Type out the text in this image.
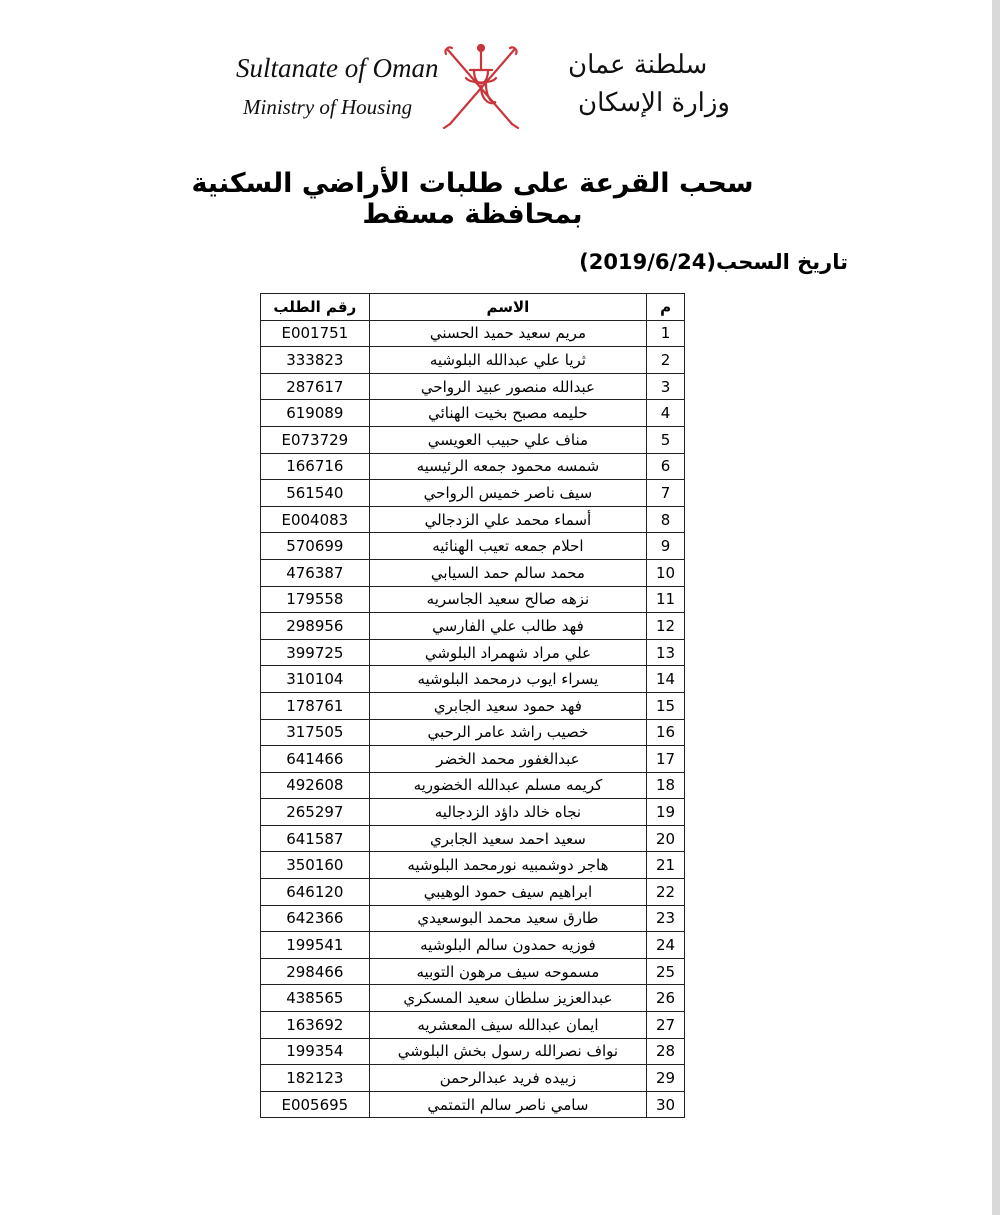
Sultanate of Oman
Ministry of Housing
سلطنة عمان
وزارة الإسكان
سحب القرعة على طلبات الأراضي السكنية بمحافظة مسقط
تاريخ السحب(2019/6/24)
م	الاسم	رقم الطلب
1	مريم سعيد حميد الحسني	E001751
2	ثريا علي عبدالله البلوشيه	333823
3	عبدالله منصور عبيد الرواحي	287617
4	حليمه مصبح بخيت الهنائي	619089
5	مناف علي حبيب العويسي	E073729
6	شمسه محمود جمعه الرئيسيه	166716
7	سيف ناصر خميس الرواحي	561540
8	أسماء محمد علي الزدجالي	E004083
9	احلام جمعه تعيب الهنائيه	570699
10	محمد سالم حمد السيابي	476387
11	نزهه صالح سعيد الجاسريه	179558
12	فهد طالب علي الفارسي	298956
13	علي مراد شهمراد البلوشي	399725
14	يسراء ايوب درمحمد البلوشيه	310104
15	فهد حمود سعيد الجابري	178761
16	خصيب راشد عامر الرحبي	317505
17	عبدالغفور محمد الخضر	641466
18	كريمه مسلم عبدالله الخضوريه	492608
19	نجاه خالد داؤد الزدجاليه	265297
20	سعيد احمد سعيد الجابري	641587
21	هاجر دوشمبيه نورمحمد البلوشيه	350160
22	ابراهيم سيف حمود الوهيبي	646120
23	طارق سعيد محمد البوسعيدي	642366
24	فوزيه حمدون سالم البلوشيه	199541
25	مسموحه سيف مرهون التوبيه	298466
26	عبدالعزيز سلطان سعيد المسكري	438565
27	ايمان عبدالله سيف المعشريه	163692
28	نواف نصرالله رسول بخش البلوشي	199354
29	زبيده فريد عبدالرحمن	182123
30	سامي ناصر سالم التمتمي	E005695
